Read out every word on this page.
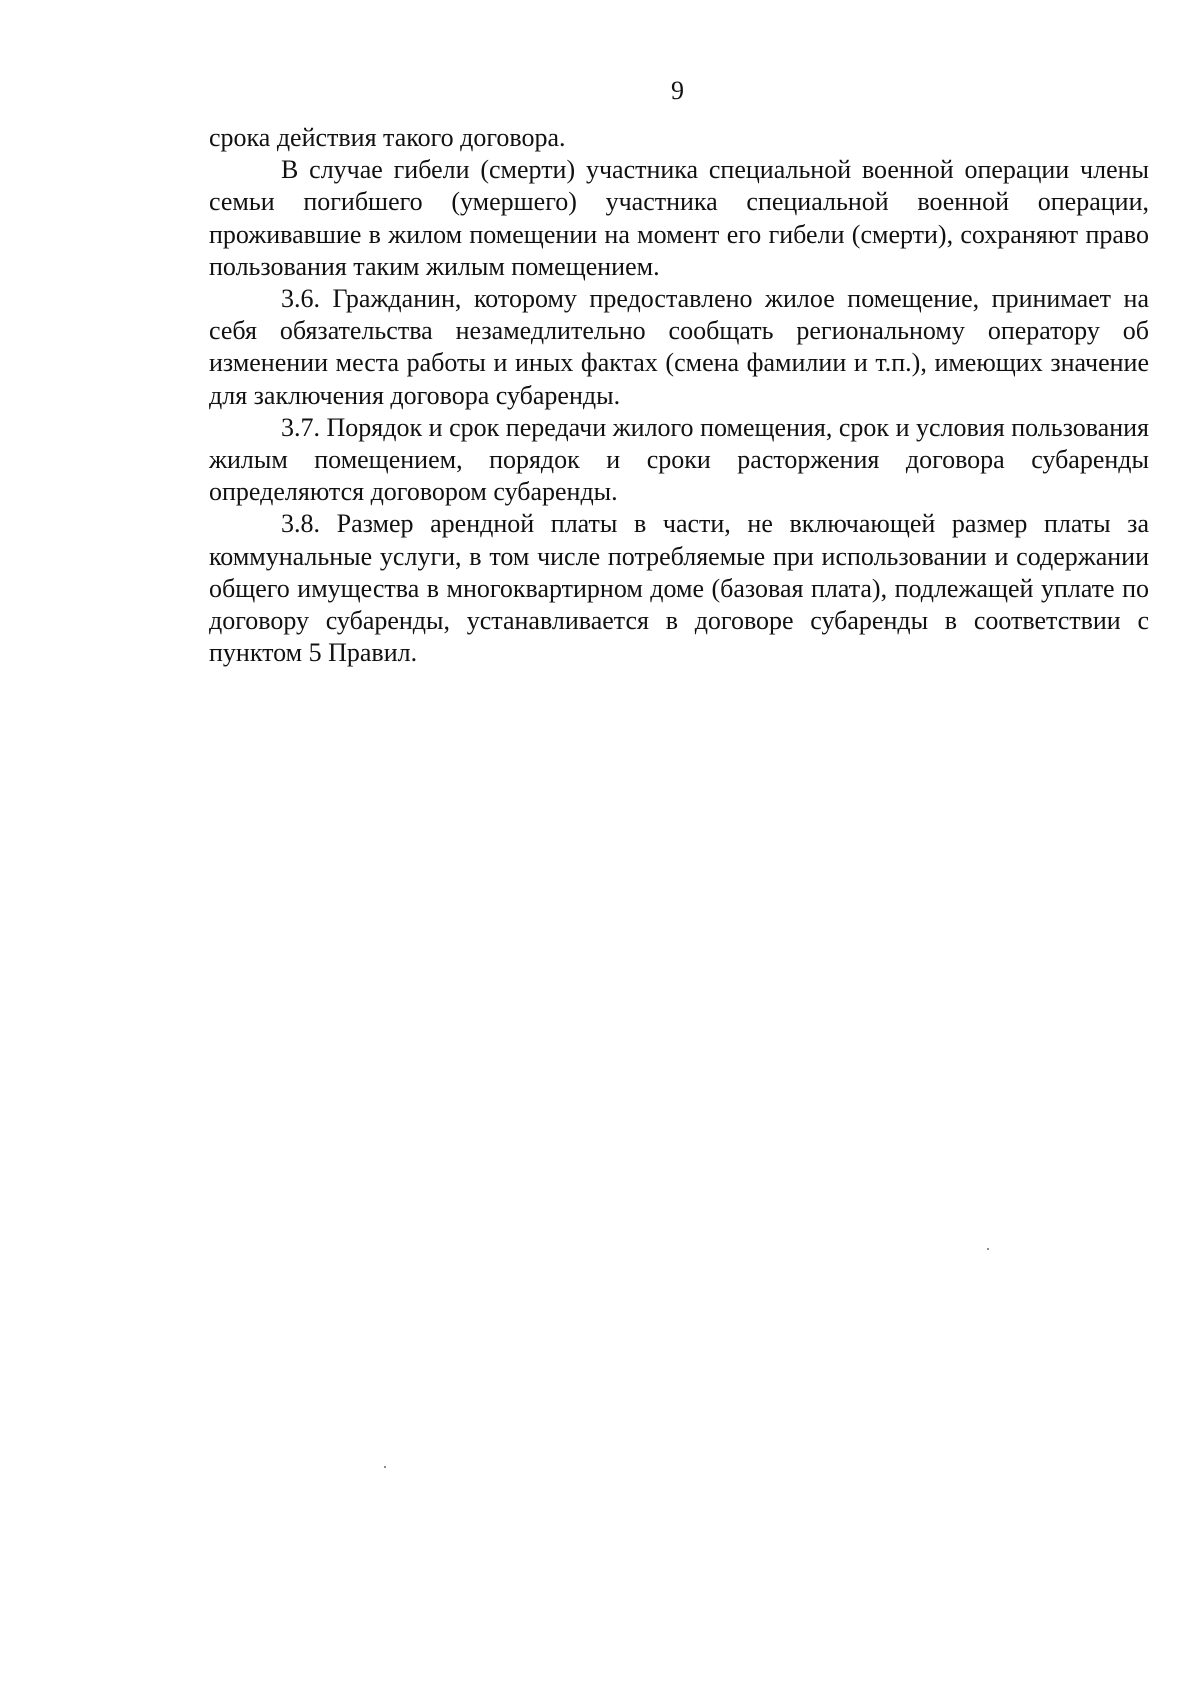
9

срока действия такого договора.

В случае гибели (смерти) участника специальной военной операции члены семьи погибшего (умершего) участника специальной военной операции, проживавшие в жилом помещении на момент его гибели (смерти), сохраняют право пользования таким жилым помещением.

3.6. Гражданин, которому предоставлено жилое помещение, принимает на себя обязательства незамедлительно сообщать региональному оператору об изменении места работы и иных фактах (смена фамилии и т.п.), имеющих значение для заключения договора субаренды.

3.7. Порядок и срок передачи жилого помещения, срок и условия пользования жилым помещением, порядок и сроки расторжения договора субаренды определяются договором субаренды.

3.8. Размер арендной платы в части, не включающей размер платы за коммунальные услуги, в том числе потребляемые при использовании и содержании общего имущества в многоквартирном доме (базовая плата), подлежащей уплате по договору субаренды, устанавливается в договоре субаренды в соответствии с пунктом 5 Правил.
